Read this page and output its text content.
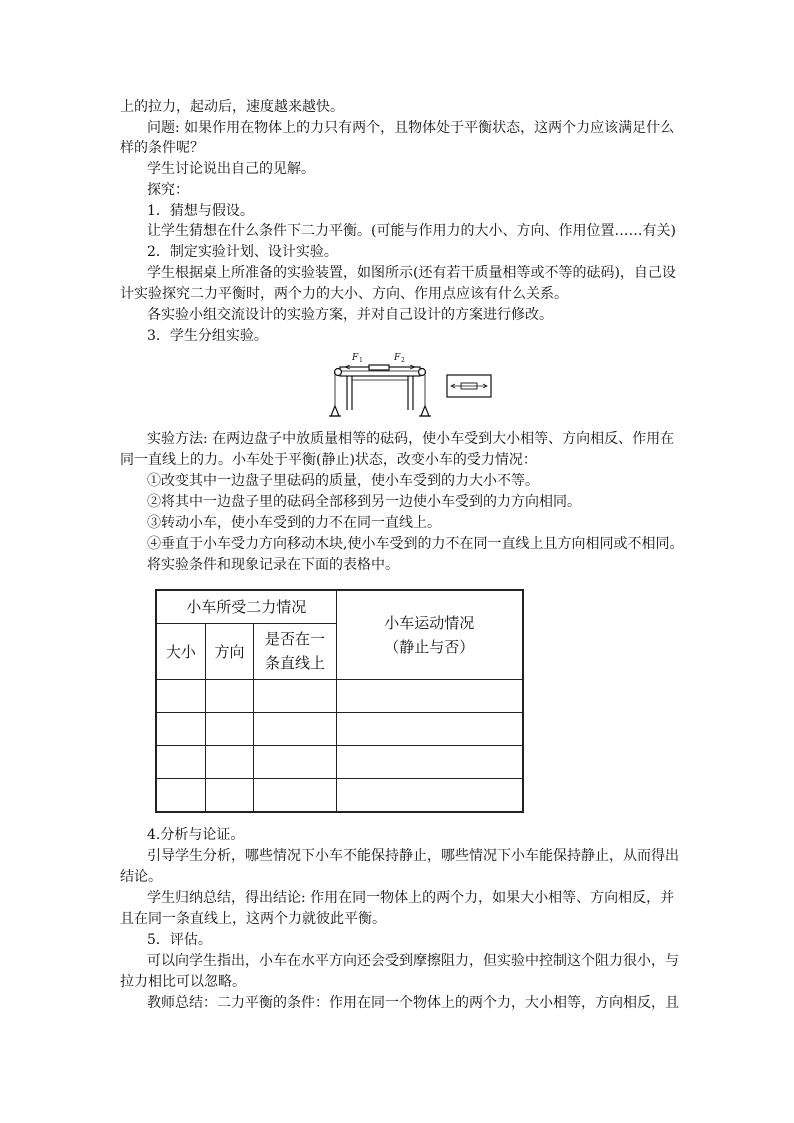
上的拉力，起动后，速度越来越快。
问题: 如果作用在物体上的力只有两个，且物体处于平衡状态，这两个力应该满足什么
样的条件呢？
学生讨论说出自己的见解。
探究：
1．猜想与假设。
让学生猜想在什么条件下二力平衡。(可能与作用力的大小、方向、作用位置……有关)
2．制定实验计划、设计实验。
学生根据桌上所准备的实验装置，如图所示(还有若干质量相等或不等的砝码)，自己设
计实验探究二力平衡时，两个力的大小、方向、作用点应该有什么关系。
各实验小组交流设计的实验方案，并对自己设计的方案进行修改。
3．学生分组实验。
F 1	F 2
实验方法: 在两边盘子中放质量相等的砝码，使小车受到大小相等、方向相反、作用在
同一直线上的力。小车处于平衡(静止)状态，改变小车的受力情况：
①改变其中一边盘子里砝码的质量，使小车受到的力大小不等。
②将其中一边盘子里的砝码全部移到另一边使小车受到的力方向相同。
③转动小车，使小车受到的力不在同一直线上。
④垂直于小车受力方向移动木块,使小车受到的力不在同一直线上且方向相同或不相同。
将实验条件和现象记录在下面的表格中。
小车所受二力情况			小车运动情况
（静止与否）

大小	方向	是否在一
条直线上	

4.分析与论证。
引导学生分析，哪些情况下小车不能保持静止，哪些情况下小车能保持静止，从而得出
结论。
学生归纳总结，得出结论: 作用在同一物体上的两个力，如果大小相等、方向相反，并
且在同一条直线上，这两个力就彼此平衡。
5．评估。
可以向学生指出，小车在水平方向还会受到摩擦阻力，但实验中控制这个阻力很小，与
拉力相比可以忽略。
教师总结：二力平衡的条件：作用在同一个物体上的两个力，大小相等，方向相反，且
